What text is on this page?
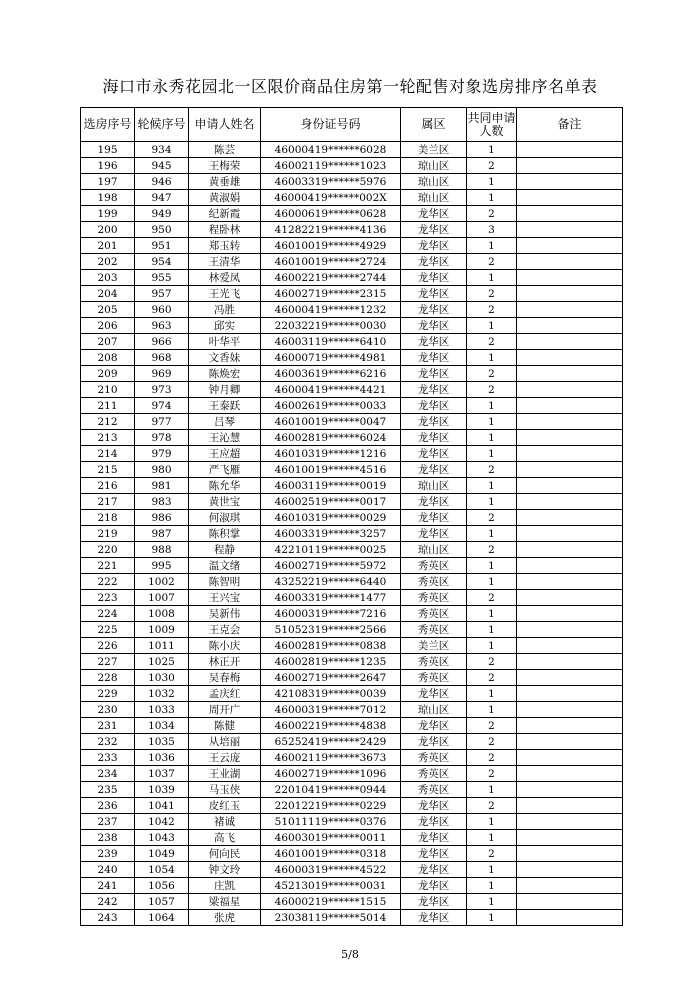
海口市永秀花园北一区限价商品住房第一轮配售对象选房排序名单表
选房序号	轮候序号	申请人姓名	身份证号码	属区	共同申请人数	备注
195	934	陈芸	46000419******6028	美兰区	1	
196	945	王梅荣	46002119******1023	琼山区	2	
197	946	黄垂雄	46003319******5976	琼山区	1	
198	947	黄淑娟	46000419******002X	琼山区	1	
199	949	纪新霞	46000619******0628	龙华区	2	
200	950	程卧林	41282219******4136	龙华区	3	
201	951	郑玉转	46010019******4929	龙华区	1	
202	954	王清华	46010019******2724	龙华区	2	
203	955	林爱凤	46002219******2744	龙华区	1	
204	957	王光飞	46002719******2315	龙华区	2	
205	960	冯胜	46000419******1232	龙华区	2	
206	963	邱实	22032219******0030	龙华区	1	
207	966	叶华平	46003119******6410	龙华区	2	
208	968	文香妹	46000719******4981	龙华区	1	
209	969	陈焕宏	46003619******6216	龙华区	2	
210	973	钟月卿	46000419******4421	龙华区	2	
211	974	王泰跃	46002619******0033	龙华区	1	
212	977	吕琴	46010019******0047	龙华区	1	
213	978	王沁慧	46002819******6024	龙华区	1	
214	979	王应超	46010319******1216	龙华区	1	
215	980	严飞雁	46010019******4516	龙华区	2	
216	981	陈允华	46003119******0019	琼山区	1	
217	983	黄世宝	46002519******0017	龙华区	1	
218	986	何淑琪	46010319******0029	龙华区	2	
219	987	陈积掌	46003319******3257	龙华区	1	
220	988	程静	42210119******0025	琼山区	2	
221	995	温文绪	46002719******5972	秀英区	1	
222	1002	陈智明	43252219******6440	秀英区	1	
223	1007	王兴宝	46003319******1477	秀英区	2	
224	1008	吴新伟	46000319******7216	秀英区	1	
225	1009	王克会	51052319******2566	秀英区	1	
226	1011	陈小庆	46002819******0838	美兰区	1	
227	1025	林正开	46002819******1235	秀英区	2	
228	1030	吴春梅	46002719******2647	秀英区	2	
229	1032	孟庆红	42108319******0039	龙华区	1	
230	1033	周开广	46000319******7012	琼山区	1	
231	1034	陈健	46002219******4838	龙华区	2	
232	1035	从培丽	65252419******2429	龙华区	2	
233	1036	王云庞	46002119******3673	秀英区	2	
234	1037	王业湖	46002719******1096	秀英区	2	
235	1039	马玉侠	22010419******0944	秀英区	1	
236	1041	皮红玉	22012219******0229	龙华区	2	
237	1042	褚诚	51011119******0376	龙华区	1	
238	1043	高飞	46003019******0011	龙华区	1	
239	1049	何向民	46010019******0318	龙华区	2	
240	1054	钟文玲	46000319******4522	龙华区	1	
241	1056	庄凯	45213019******0031	龙华区	1	
242	1057	梁福星	46000219******1515	龙华区	1	
243	1064	张虎	23038119******5014	龙华区	1	
5/8
